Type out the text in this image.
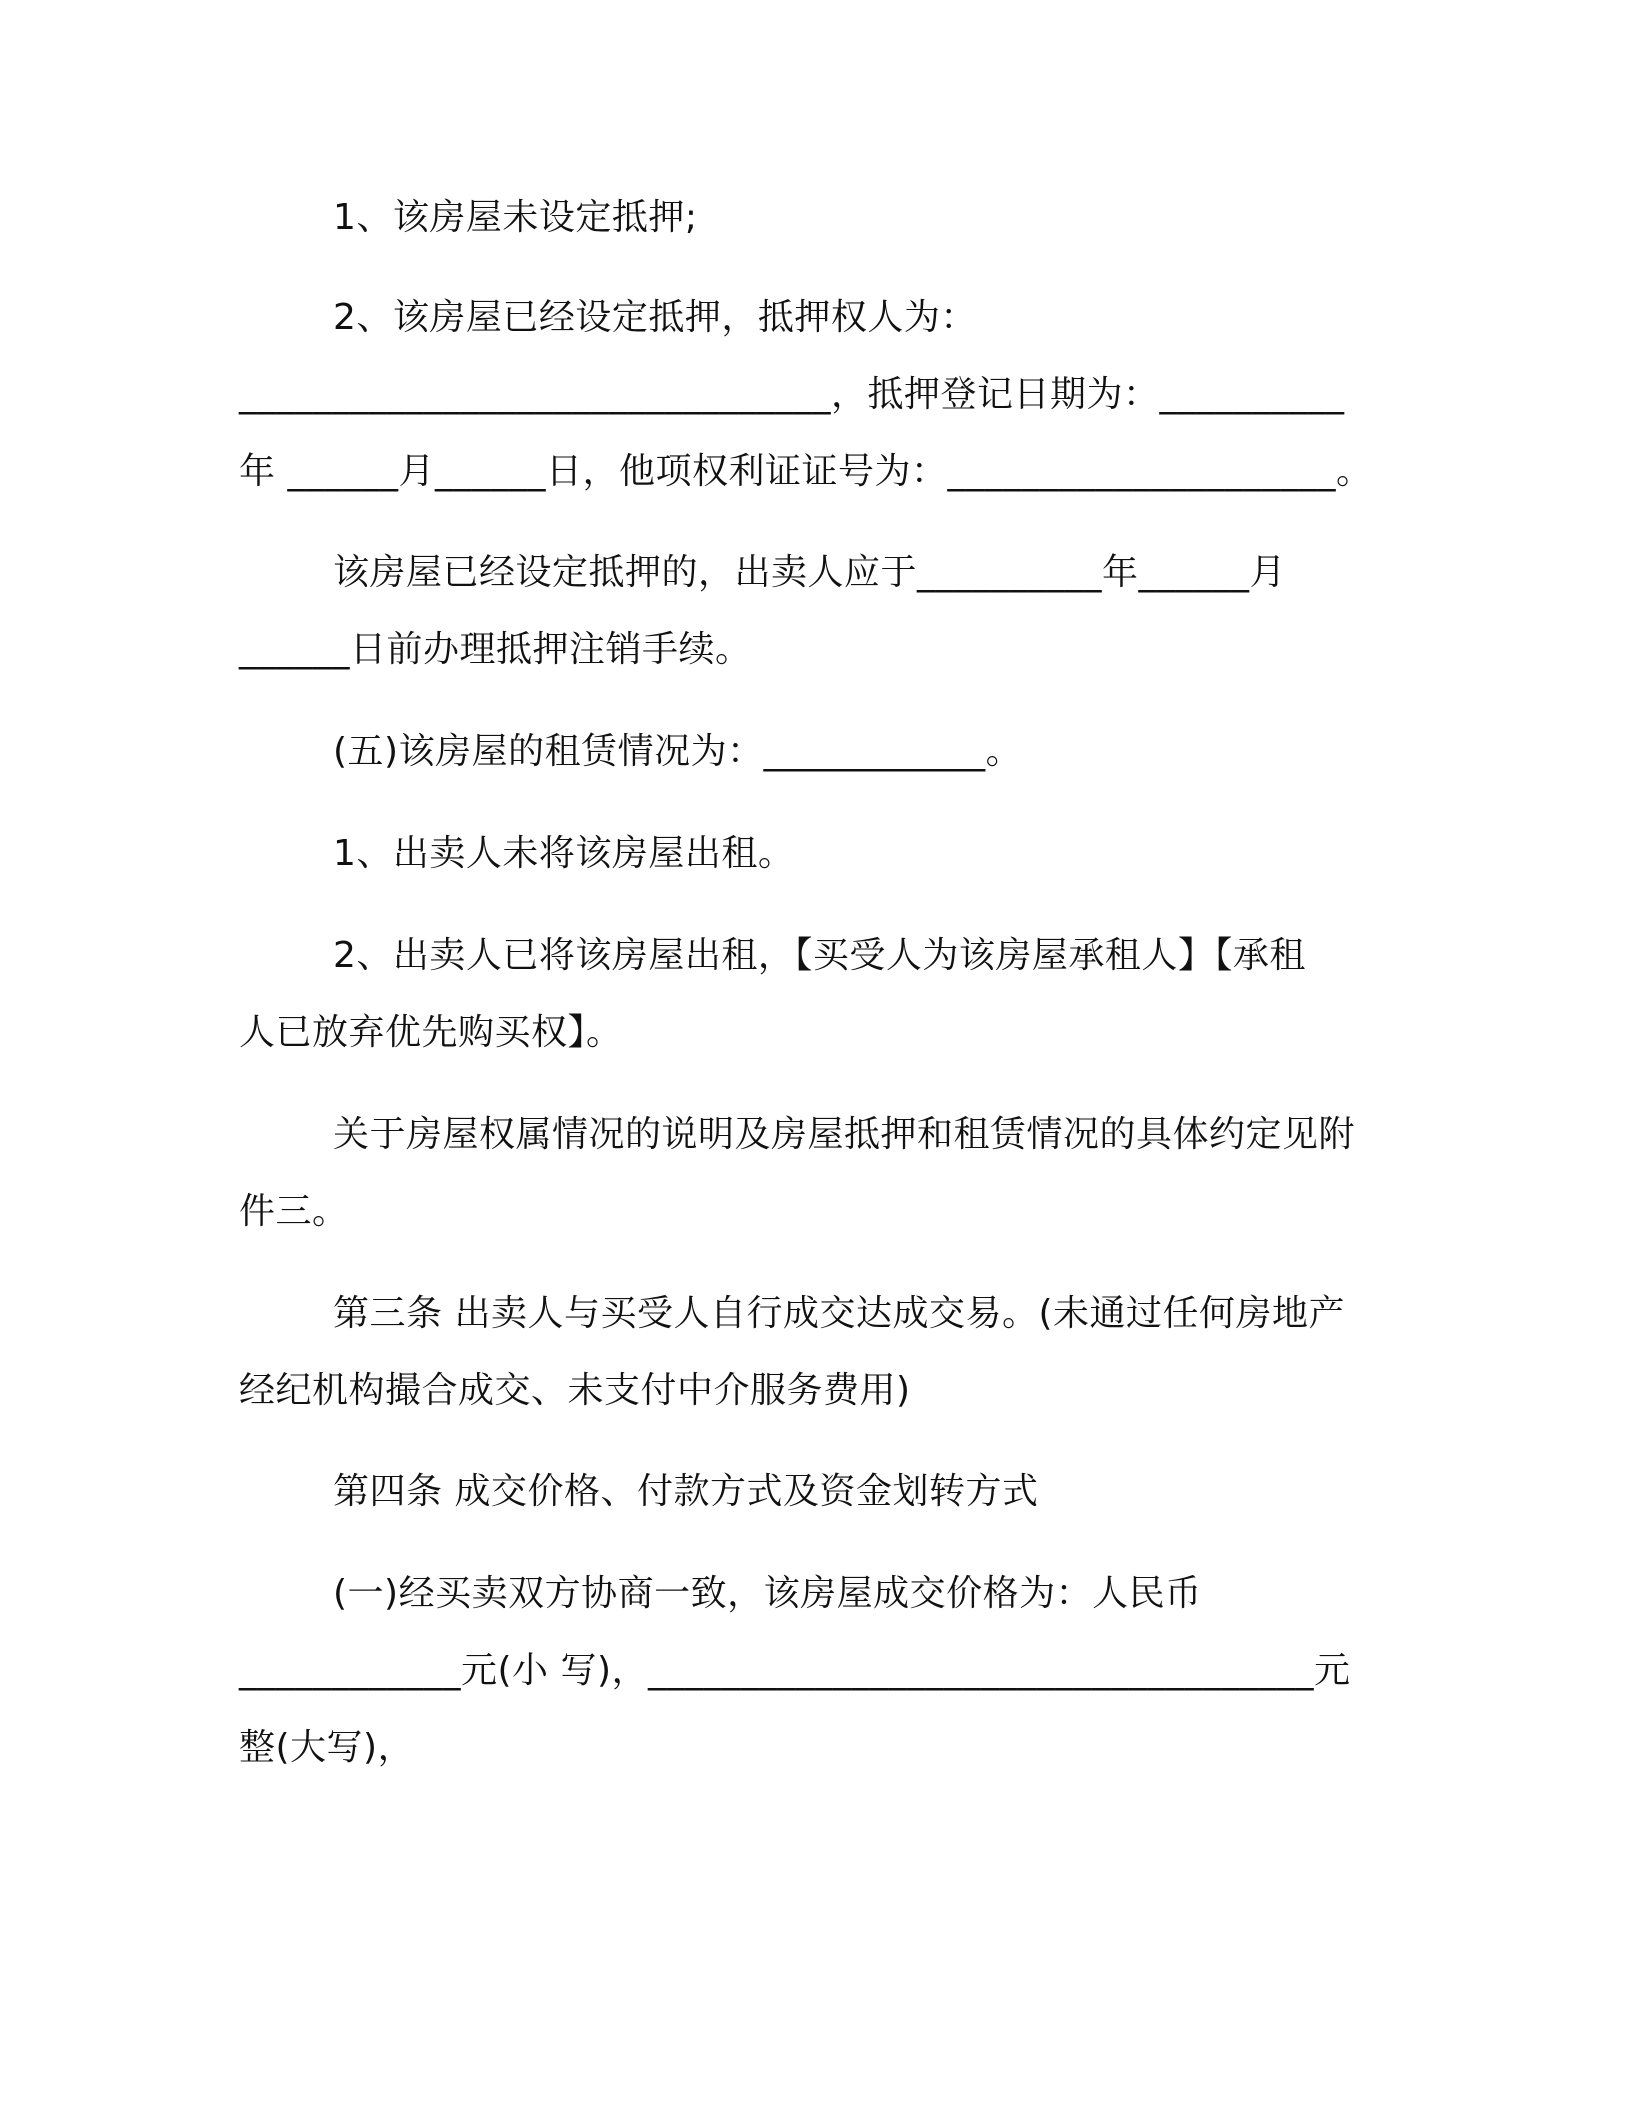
1、该房屋未设定抵押;
2、该房屋已经设定抵押，抵押权人为：
________________________________，抵押登记日期为：__________
年 ______月______日，他项权利证证号为：_____________________。
该房屋已经设定抵押的，出卖人应于__________年______月
______日前办理抵押注销手续。
(五)该房屋的租赁情况为：____________。
1、出卖人未将该房屋出租。
2、出卖人已将该房屋出租，【买受人为该房屋承租人】【承租
人已放弃优先购买权】。
关于房屋权属情况的说明及房屋抵押和租赁情况的具体约定见附
件三。
第三条 出卖人与买受人自行成交达成交易。(未通过任何房地产
经纪机构撮合成交、未支付中介服务费用)
第四条 成交价格、付款方式及资金划转方式
(一)经买卖双方协商一致，该房屋成交价格为：人民币
____________元(小 写)，____________________________________元
整(大写)，
